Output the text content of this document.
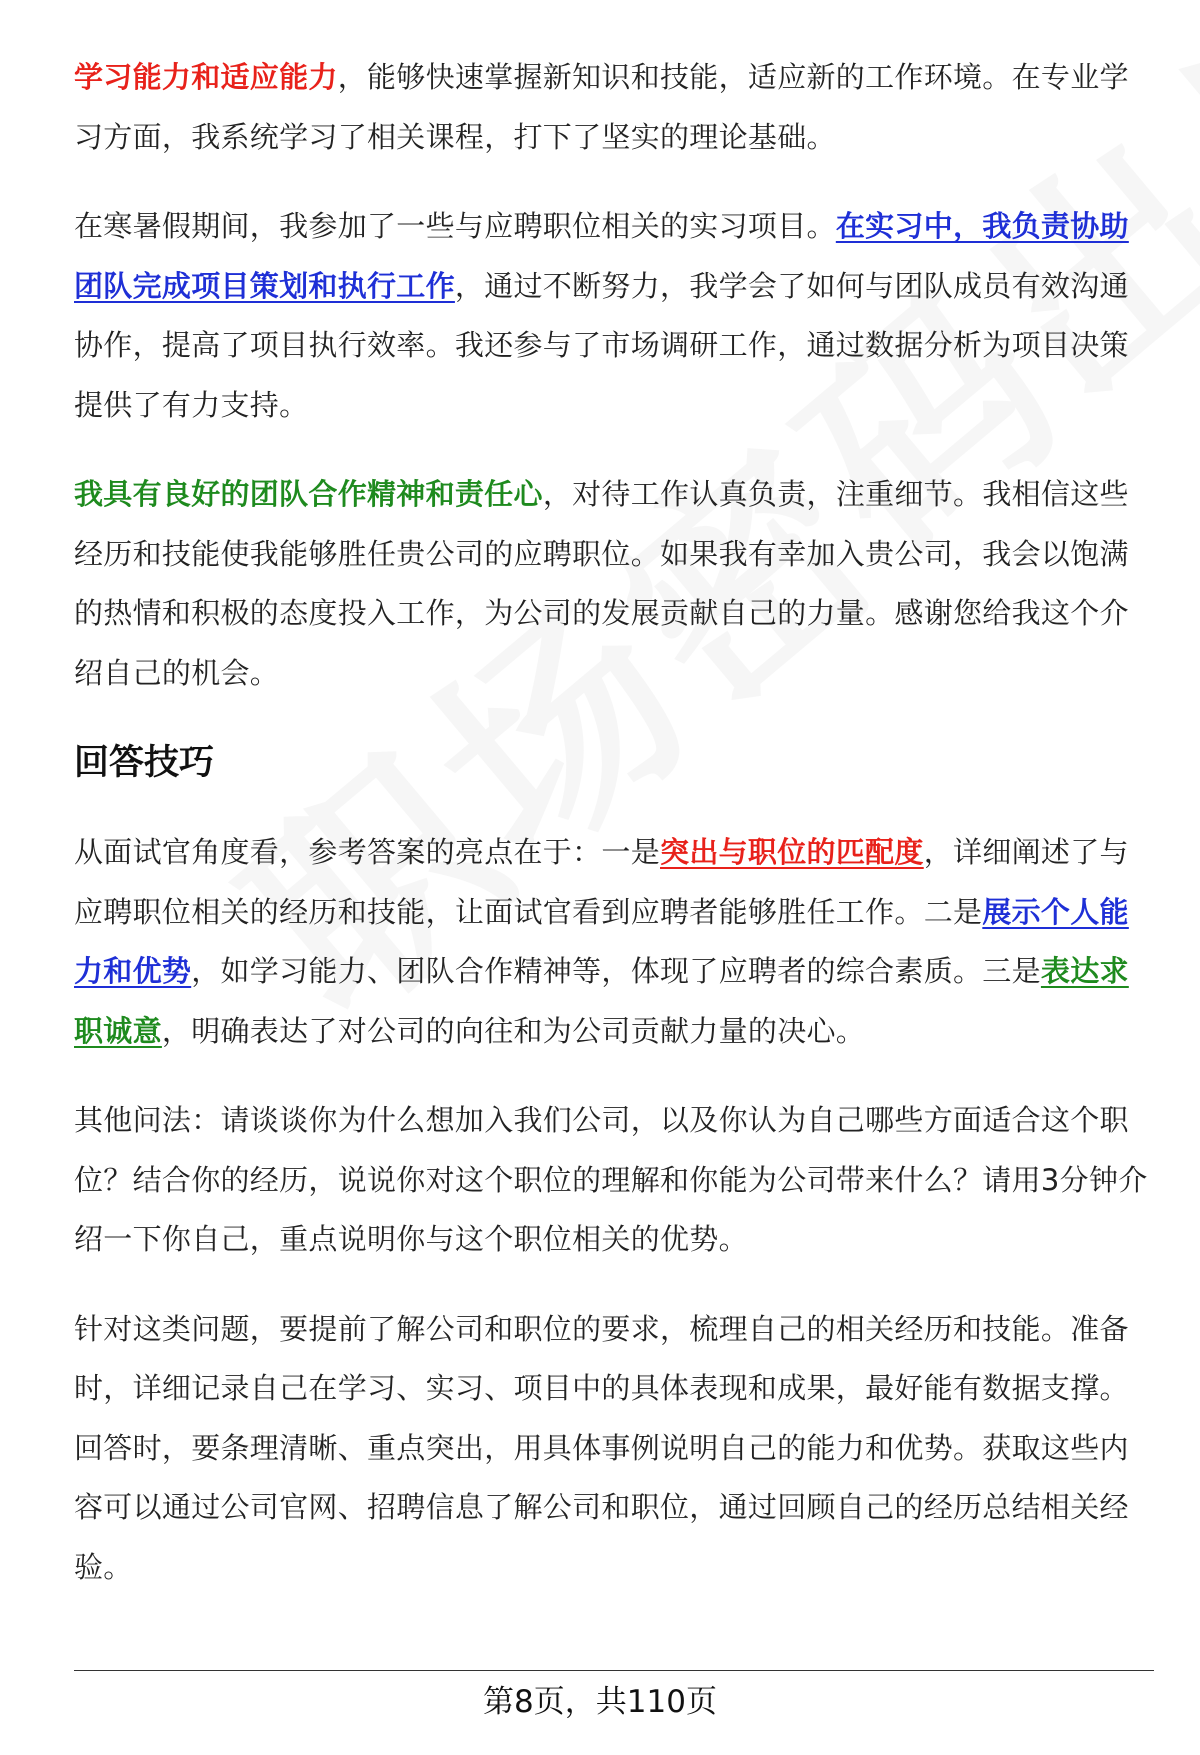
学习能力和适应能力，能够快速掌握新知识和技能，适应新的工作环境。在专业学习方面，我系统学习了相关课程，打下了坚实的理论基础。

在寒暑假期间，我参加了一些与应聘职位相关的实习项目。在实习中，我负责协助团队完成项目策划和执行工作，通过不断努力，我学会了如何与团队成员有效沟通协作，提高了项目执行效率。我还参与了市场调研工作，通过数据分析为项目决策提供了有力支持。

我具有良好的团队合作精神和责任心，对待工作认真负责，注重细节。我相信这些经历和技能使我能够胜任贵公司的应聘职位。如果我有幸加入贵公司，我会以饱满的热情和积极的态度投入工作，为公司的发展贡献自己的力量。感谢您给我这个介绍自己的机会。

回答技巧

从面试官角度看，参考答案的亮点在于：一是突出与职位的匹配度，详细阐述了与应聘职位相关的经历和技能，让面试官看到应聘者能够胜任工作。二是展示个人能力和优势，如学习能力、团队合作精神等，体现了应聘者的综合素质。三是表达求职诚意，明确表达了对公司的向往和为公司贡献力量的决心。

其他问法：请谈谈你为什么想加入我们公司，以及你认为自己哪些方面适合这个职位？结合你的经历，说说你对这个职位的理解和你能为公司带来什么？请用3分钟介绍一下你自己，重点说明你与这个职位相关的优势。

针对这类问题，要提前了解公司和职位的要求，梳理自己的相关经历和技能。准备时，详细记录自己在学习、实习、项目中的具体表现和成果，最好能有数据支撑。回答时，要条理清晰、重点突出，用具体事例说明自己的能力和优势。获取这些内容可以通过公司官网、招聘信息了解公司和职位，通过回顾自己的经历总结相关经验。

第8页，共110页
